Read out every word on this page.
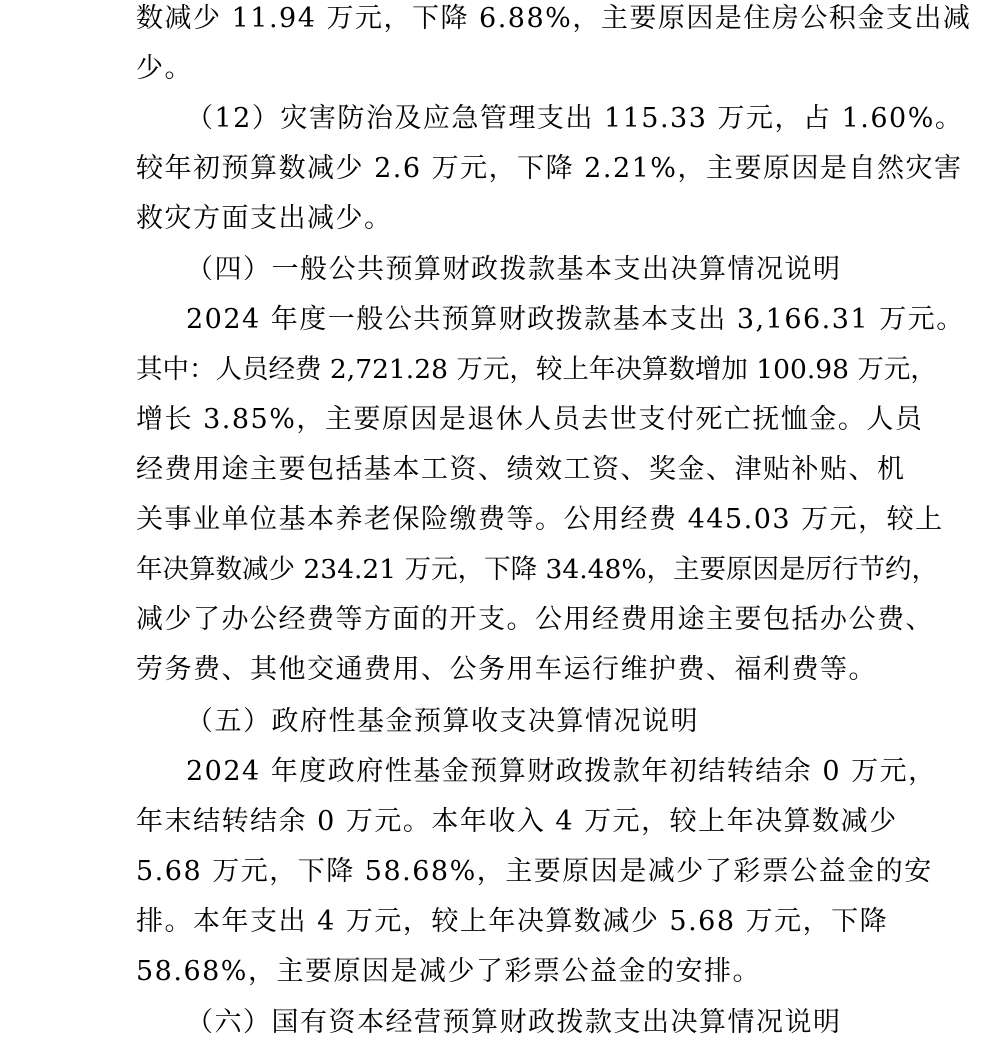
数减少 11.94 万元，下降 6.88%，主要原因是住房公积金支出减
少。
（12）灾害防治及应急管理支出 115.33 万元，占 1.60%。
较年初预算数减少 2.6 万元，下降 2.21%，主要原因是自然灾害
救灾方面支出减少。
（四）一般公共预算财政拨款基本支出决算情况说明
2024 年度一般公共预算财政拨款基本支出 3,166.31 万元。
其中：人员经费 2,721.28 万元，较上年决算数增加 100.98 万元，
增长 3.85%，主要原因是退休人员去世支付死亡抚恤金。人员
经费用途主要包括基本工资、绩效工资、奖金、津贴补贴、机
关事业单位基本养老保险缴费等。公用经费 445.03 万元，较上
年决算数减少 234.21 万元，下降 34.48%，主要原因是厉行节约，
减少了办公经费等方面的开支。公用经费用途主要包括办公费、
劳务费、其他交通费用、公务用车运行维护费、福利费等。
（五）政府性基金预算收支决算情况说明
2024 年度政府性基金预算财政拨款年初结转结余 0 万元，
年末结转结余 0 万元。本年收入 4 万元，较上年决算数减少
5.68 万元，下降 58.68%，主要原因是减少了彩票公益金的安
排。本年支出 4 万元，较上年决算数减少 5.68 万元，下降
58.68%，主要原因是减少了彩票公益金的安排。
（六）国有资本经营预算财政拨款支出决算情况说明
